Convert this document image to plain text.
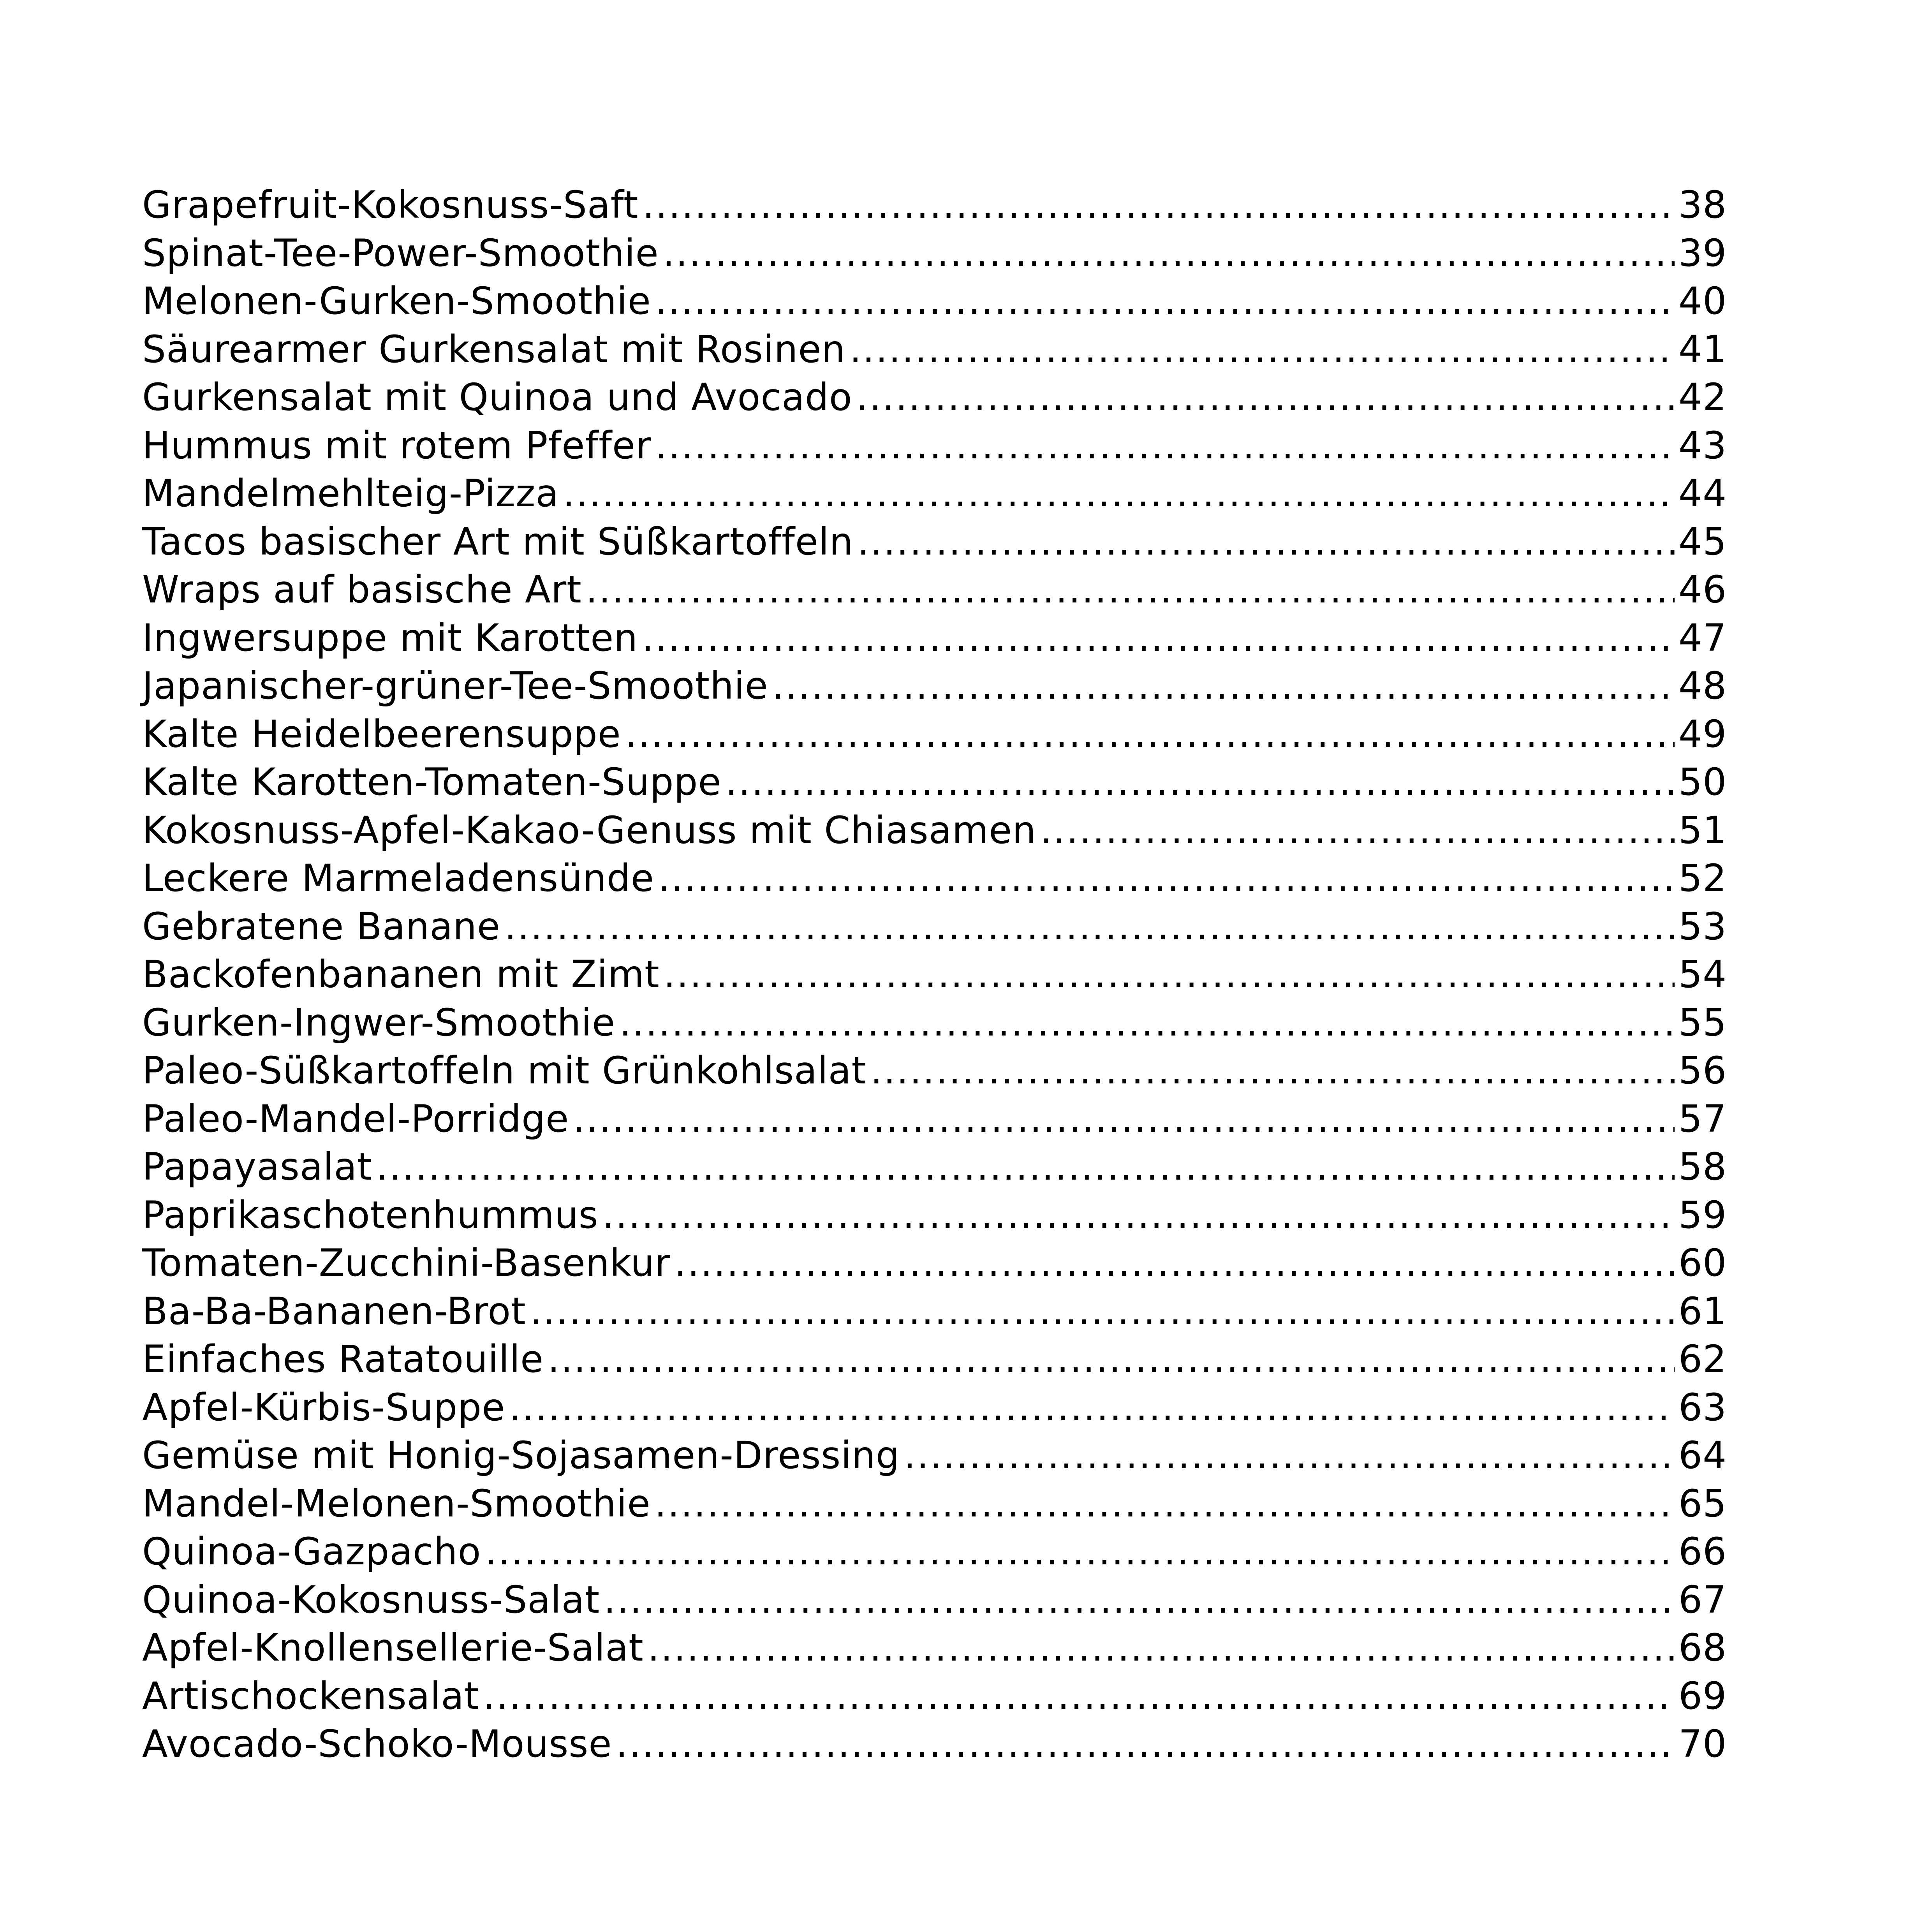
Grapefruit-Kokosnuss-Saft .....	38
Spinat-Tee-Power-Smoothie .....	39
Melonen-Gurken-Smoothie .....	40
Säurearmer Gurkensalat mit Rosinen .....	41
Gurkensalat mit Quinoa und Avocado .....	42
Hummus mit rotem Pfeffer .....	43
Mandelmehlteig-Pizza .....	44
Tacos basischer Art mit Süßkartoffeln .....	45
Wraps auf basische Art .....	46
Ingwersuppe mit Karotten .....	47
Japanischer-grüner-Tee-Smoothie .....	48
Kalte Heidelbeerensuppe .....	49
Kalte Karotten-Tomaten-Suppe .....	50
Kokosnuss-Apfel-Kakao-Genuss mit Chiasamen .....	51
Leckere Marmeladensünde .....	52
Gebratene Banane .....	53
Backofenbananen mit Zimt .....	54
Gurken-Ingwer-Smoothie .....	55
Paleo-Süßkartoffeln mit Grünkohlsalat .....	56
Paleo-Mandel-Porridge .....	57
Papayasalat .....	58
Paprikaschotenhummus .....	59
Tomaten-Zucchini-Basenkur .....	60
Ba-Ba-Bananen-Brot .....	61
Einfaches Ratatouille .....	62
Apfel-Kürbis-Suppe .....	63
Gemüse mit Honig-Sojasamen-Dressing .....	64
Mandel-Melonen-Smoothie .....	65
Quinoa-Gazpacho .....	66
Quinoa-Kokosnuss-Salat .....	67
Apfel-Knollensellerie-Salat .....	68
Artischockensalat .....	69
Avocado-Schoko-Mousse .....	70
